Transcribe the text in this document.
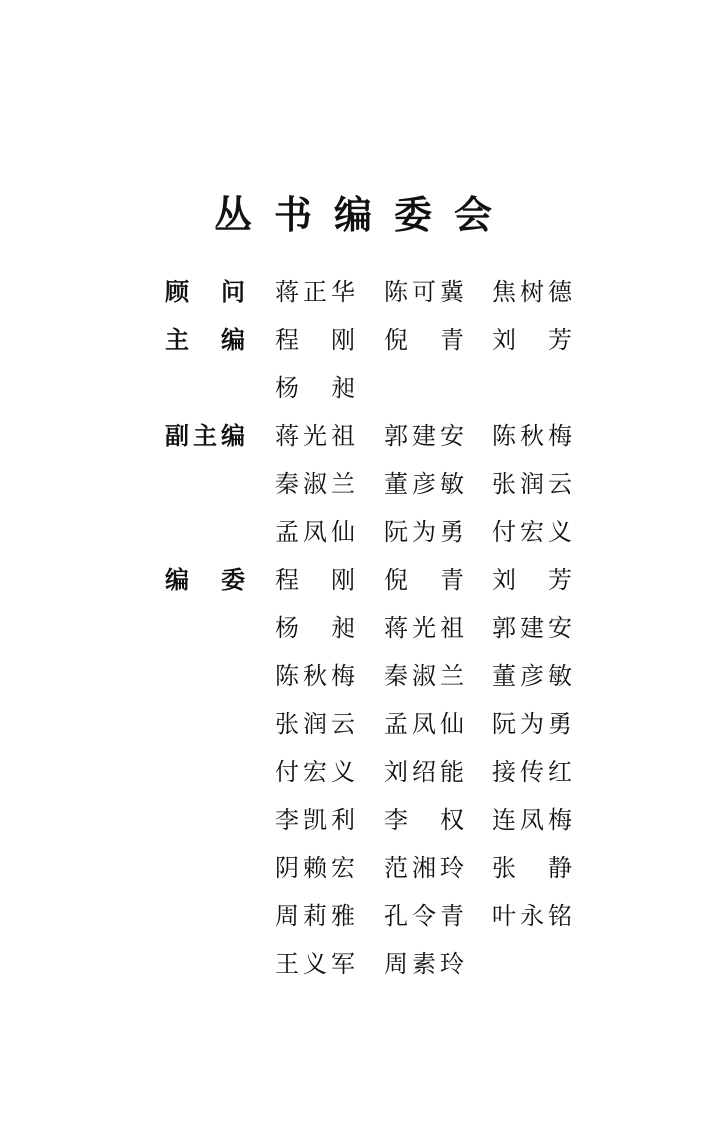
丛书编委会
顾 问 蒋 正 华 陈 可 冀 焦 树 德
主 编 程 刚 倪 青 刘 芳
杨 昶
副 主 编 蒋 光 祖 郭 建 安 陈 秋 梅
秦 淑 兰 董 彦 敏 张 润 云
孟 凤 仙 阮 为 勇 付 宏 义
编 委 程 刚 倪 青 刘 芳
杨 昶 蒋 光 祖 郭 建 安
陈 秋 梅 秦 淑 兰 董 彦 敏
张 润 云 孟 凤 仙 阮 为 勇
付 宏 义 刘 绍 能 接 传 红
李 凯 利 李 权 连 凤 梅
阴 赖 宏 范 湘 玲 张 静
周 莉 雅 孔 令 青 叶 永 铭
王 义 军 周 素 玲
